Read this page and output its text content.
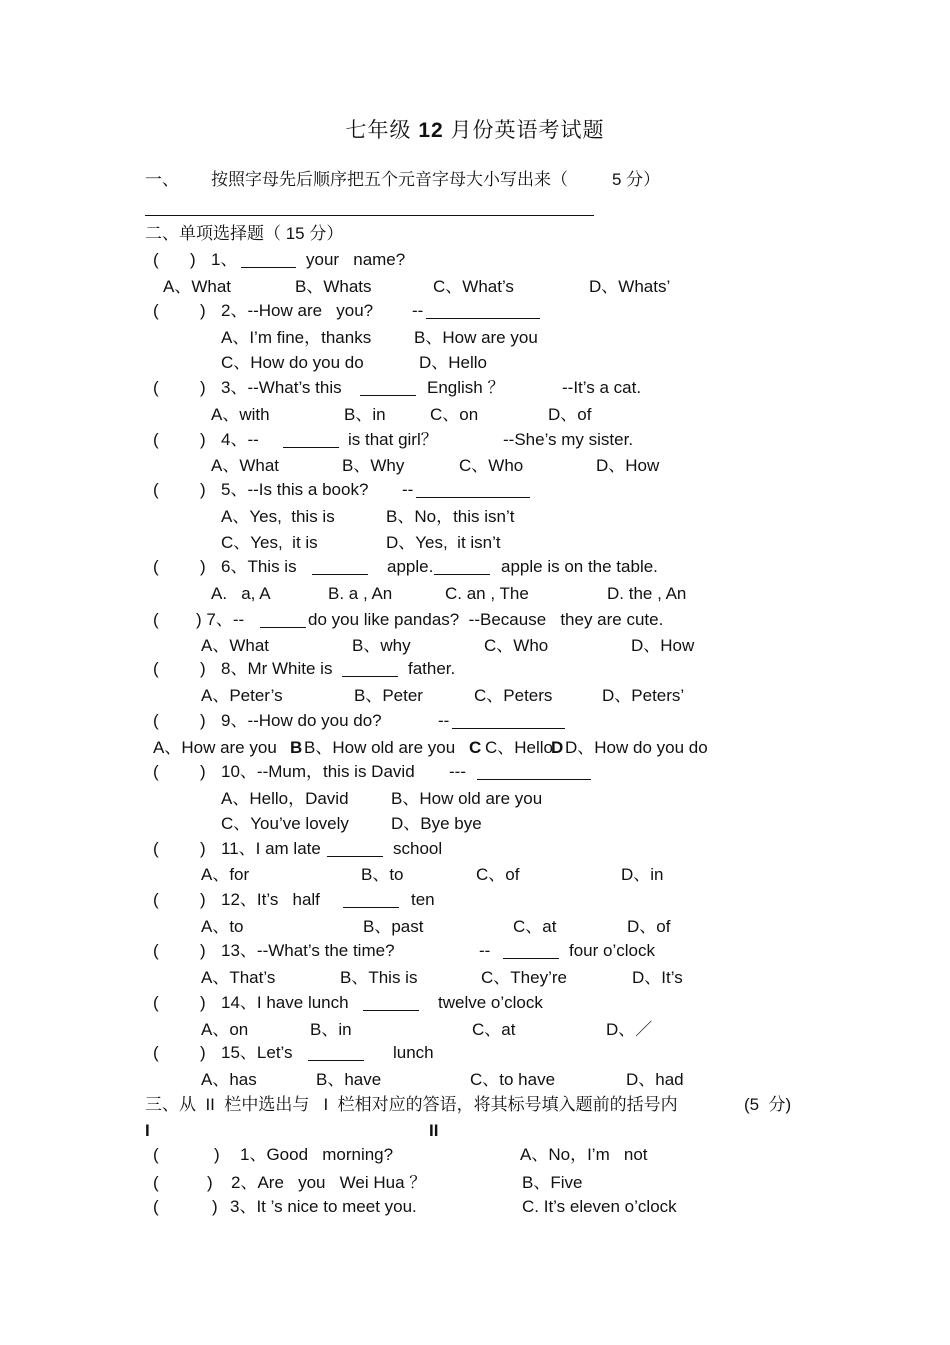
七年级 12 月份英语考试题
一、 按照字母先后顺序把五个元音字母大小写出来（	5 分）
二、单项选择题（ 15 分）
( ) 1、	your   name?
A、What	B、Whats	C、What’s	D、Whats’
( ) 2、--How are   you? --
A、I’m fine，thanks	B、How are you
C、How do you do	D、Hello
( ) 3、--What’s this	English ？	--It’s a cat.
A、with	B、in	C、on	D、of
( ) 4、--	is that girl？	--She’s my sister.
A、What	B、Why	C、Who	D、How
( ) 5、--Is this a book? --
A、Yes,  this is	B、No，this isn’t
C、Yes,  it is	D、Yes,  it isn’t
( ) 6、This is	apple.	apple is on the table.
A.   a, A	B. a , An	C. an , The	D. the , An
( ) 7、--	do you like pandas?  --Because   they are cute.
A、What	B、why	C、Who	D、How
( ) 8、Mr White is	father.
A、Peter’s	B、Peter	C、Peters	D、Peters’
( ) 9、--How do you do?	--
A、How are you B B、How old are you C C、Hello
D D、How do you do
( ) 10、--Mum，this is David ---
A、Hello，David B、How old are you
C、You’ve lovely D、Bye bye
( ) 11、I am late	school
A、for	B、to	C、of	D、in
( ) 12、It’s   half	ten
A、to	B、past	C、at	D、of
( ) 13、--What’s the time?	--	four o’clock
A、That’s	B、This is	C、They’re	D、It’s
( ) 14、I have lunch	twelve o’clock
A、on	B、in	C、at	D、／
( ) 15、Let’s	lunch
A、has	B、have	C、to have	D、had
三、从  II  栏中选出与   I  栏相对应的答语，将其标号填入题前的括号内	(5  分)
I	II
(	) 1、Good   morning?	A、No，I’m   not
(	) 2、Are   you   Wei Hua ？	B、Five
(	) 3、It ’s nice to meet you.	C. It’s eleven o’clock
